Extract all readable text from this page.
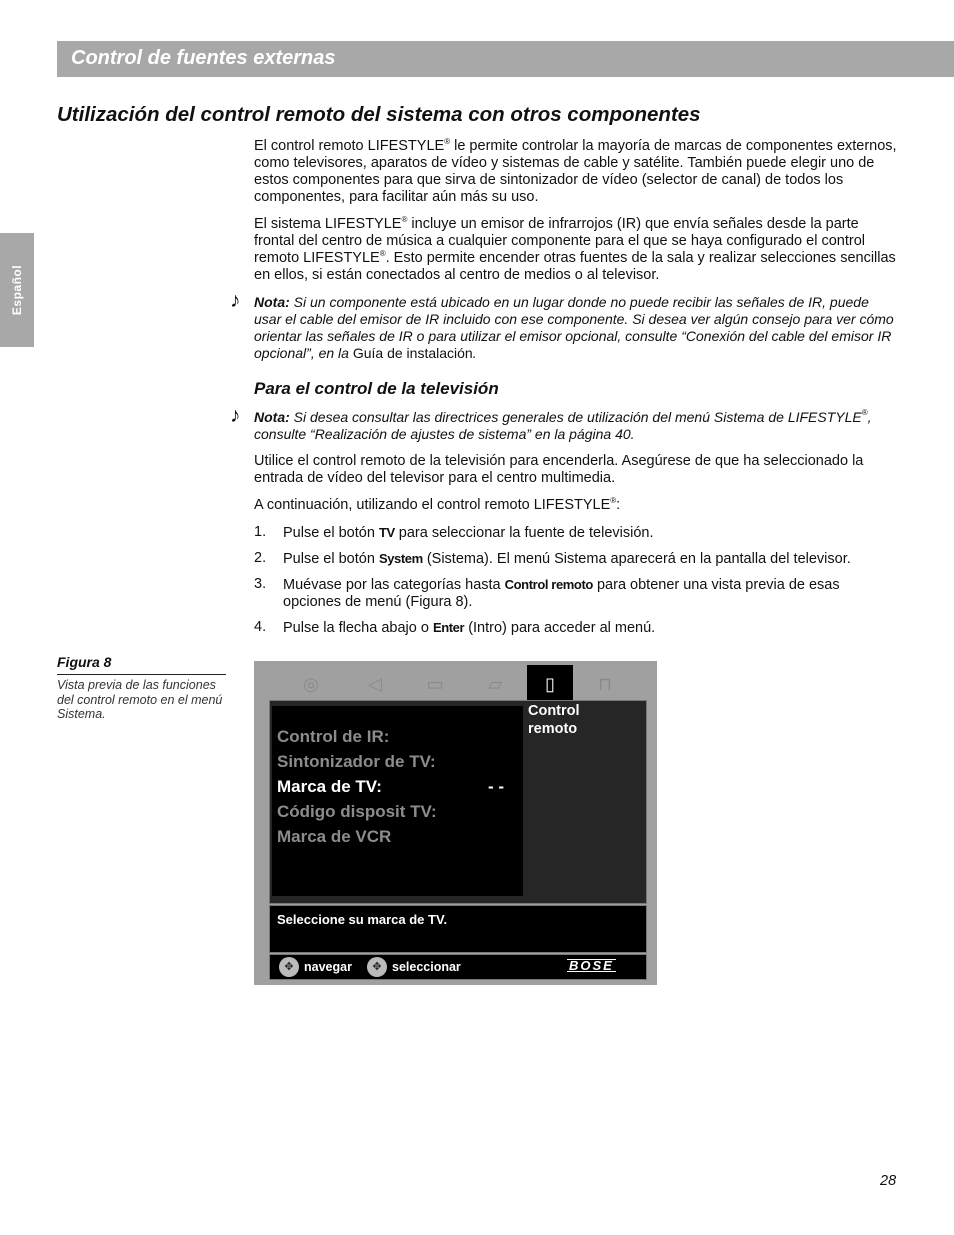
Control de fuentes externas
Español
Utilización del control remoto del sistema con otros componentes

El control remoto LIFESTYLE® le permite controlar la mayoría de marcas de componentes externos, como televisores, aparatos de vídeo y sistemas de cable y satélite. También puede elegir uno de estos componentes para que sirva de sintonizador de vídeo (selector de canal) de todos los componentes, para facilitar aún más su uso.

El sistema LIFESTYLE® incluye un emisor de infrarrojos (IR) que envía señales desde la parte frontal del centro de música a cualquier componente para el que se haya configurado el control remoto LIFESTYLE®. Esto permite encender otras fuentes de la sala y realizar selecciones sencillas en ellos, si están conectados al centro de medios o al televisor.

♪ Nota: Si un componente está ubicado en un lugar donde no puede recibir las señales de IR, puede usar el cable del emisor de IR incluido con ese componente. Si desea ver algún consejo para ver cómo orientar las señales de IR o para utilizar el emisor opcional, consulte “Conexión del cable del emisor IR opcional”, en la Guía de instalación.

Para el control de la televisión

♪ Nota: Si desea consultar las directrices generales de utilización del menú Sistema de LIFESTYLE®, consulte “Realización de ajustes de sistema” en la página 40.

Utilice el control remoto de la televisión para encenderla. Asegúrese de que ha seleccionado la entrada de vídeo del televisor para el centro multimedia.

A continuación, utilizando el control remoto LIFESTYLE®:

1. Pulse el botón TV para seleccionar la fuente de televisión.
2. Pulse el botón System (Sistema). El menú Sistema aparecerá en la pantalla del televisor.
3. Muévase por las categorías hasta Control remoto para obtener una vista previa de esas opciones de menú (Figura 8).
4. Pulse la flecha abajo o Enter (Intro) para acceder al menú.
Figura 8
Vista previa de las funciones del control remoto en el menú Sistema.
◎	◁	▭	▱	⊓
▯
Control de IR:
Sintonizador de TV:
Marca de TV:	- -
Código disposit TV:
Marca de VCR
Control remoto
Seleccione su marca de TV.
✥ navegar	✥ seleccionar	BOSE
28
